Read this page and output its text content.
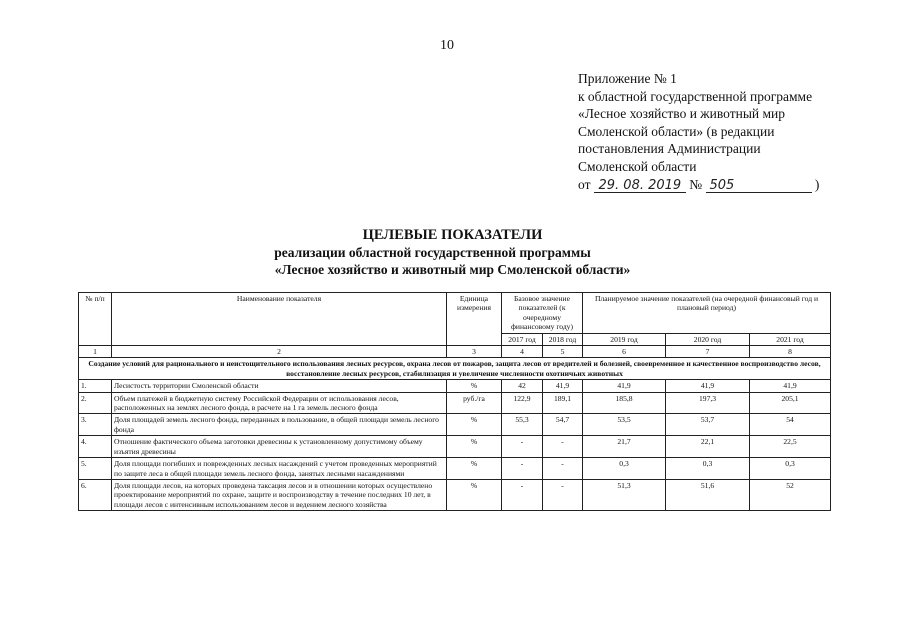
10
Приложение № 1
к областной государственной программе
«Лесное хозяйство и животный мир
Смоленской области» (в редакции
постановления Администрации
Смоленской области
от 29. 08. 2019 № 505	)
ЦЕЛЕВЫЕ ПОКАЗАТЕЛИ
реализации областной государственной программы
«Лесное хозяйство и животный мир Смоленской области»
№ п/п	Наименование показателя	Единица измерения	Базовое значение показателей (к очередному финансовому году)		Планируемое значение показателей (на очередной финансовый год и плановый период)		
			2017 год	2018 год	2019 год	2020 год	2021 год
1	2	3	4	5	6	7	8
Создание условий для рационального и неистощительного использования лесных ресурсов, охрана лесов от пожаров, защита лесов от вредителей и болезней, своевременное и качественное воспроизводство лесов, восстановление лесных ресурсов, стабилизация и увеличение численности охотничьих животных							
1.	Лесистость территории Смоленской области	%	42	41,9	41,9	41,9	41,9
2.	Объем платежей в бюджетную систему Российской Федерации от использования лесов, расположенных на землях лесного фонда, в расчете на 1 га земель лесного фонда	руб./га	122,9	189,1	185,8	197,3	205,1
3.	Доля площадей земель лесного фонда, переданных в пользование, в общей площади земель лесного фонда	%	55,3	54,7	53,5	53,7	54
4.	Отношение фактического объема заготовки древесины к установленному допустимому объему изъятия древесины	%	-	-	21,7	22,1	22,5
5.	Доля площади погибших и поврежденных лесных насаждений с учетом проведенных мероприятий по защите леса в общей площади земель лесного фонда, занятых лесными насаждениями	%	-	-	0,3	0,3	0,3
6.	Доля площади лесов, на которых проведена таксация лесов и в отношении которых осуществлено проектирование мероприятий по охране, защите и воспроизводству в течение последних 10 лет, в площади лесов с интенсивным использованием лесов и ведением лесного хозяйства	%	-	-	51,3	51,6	52
